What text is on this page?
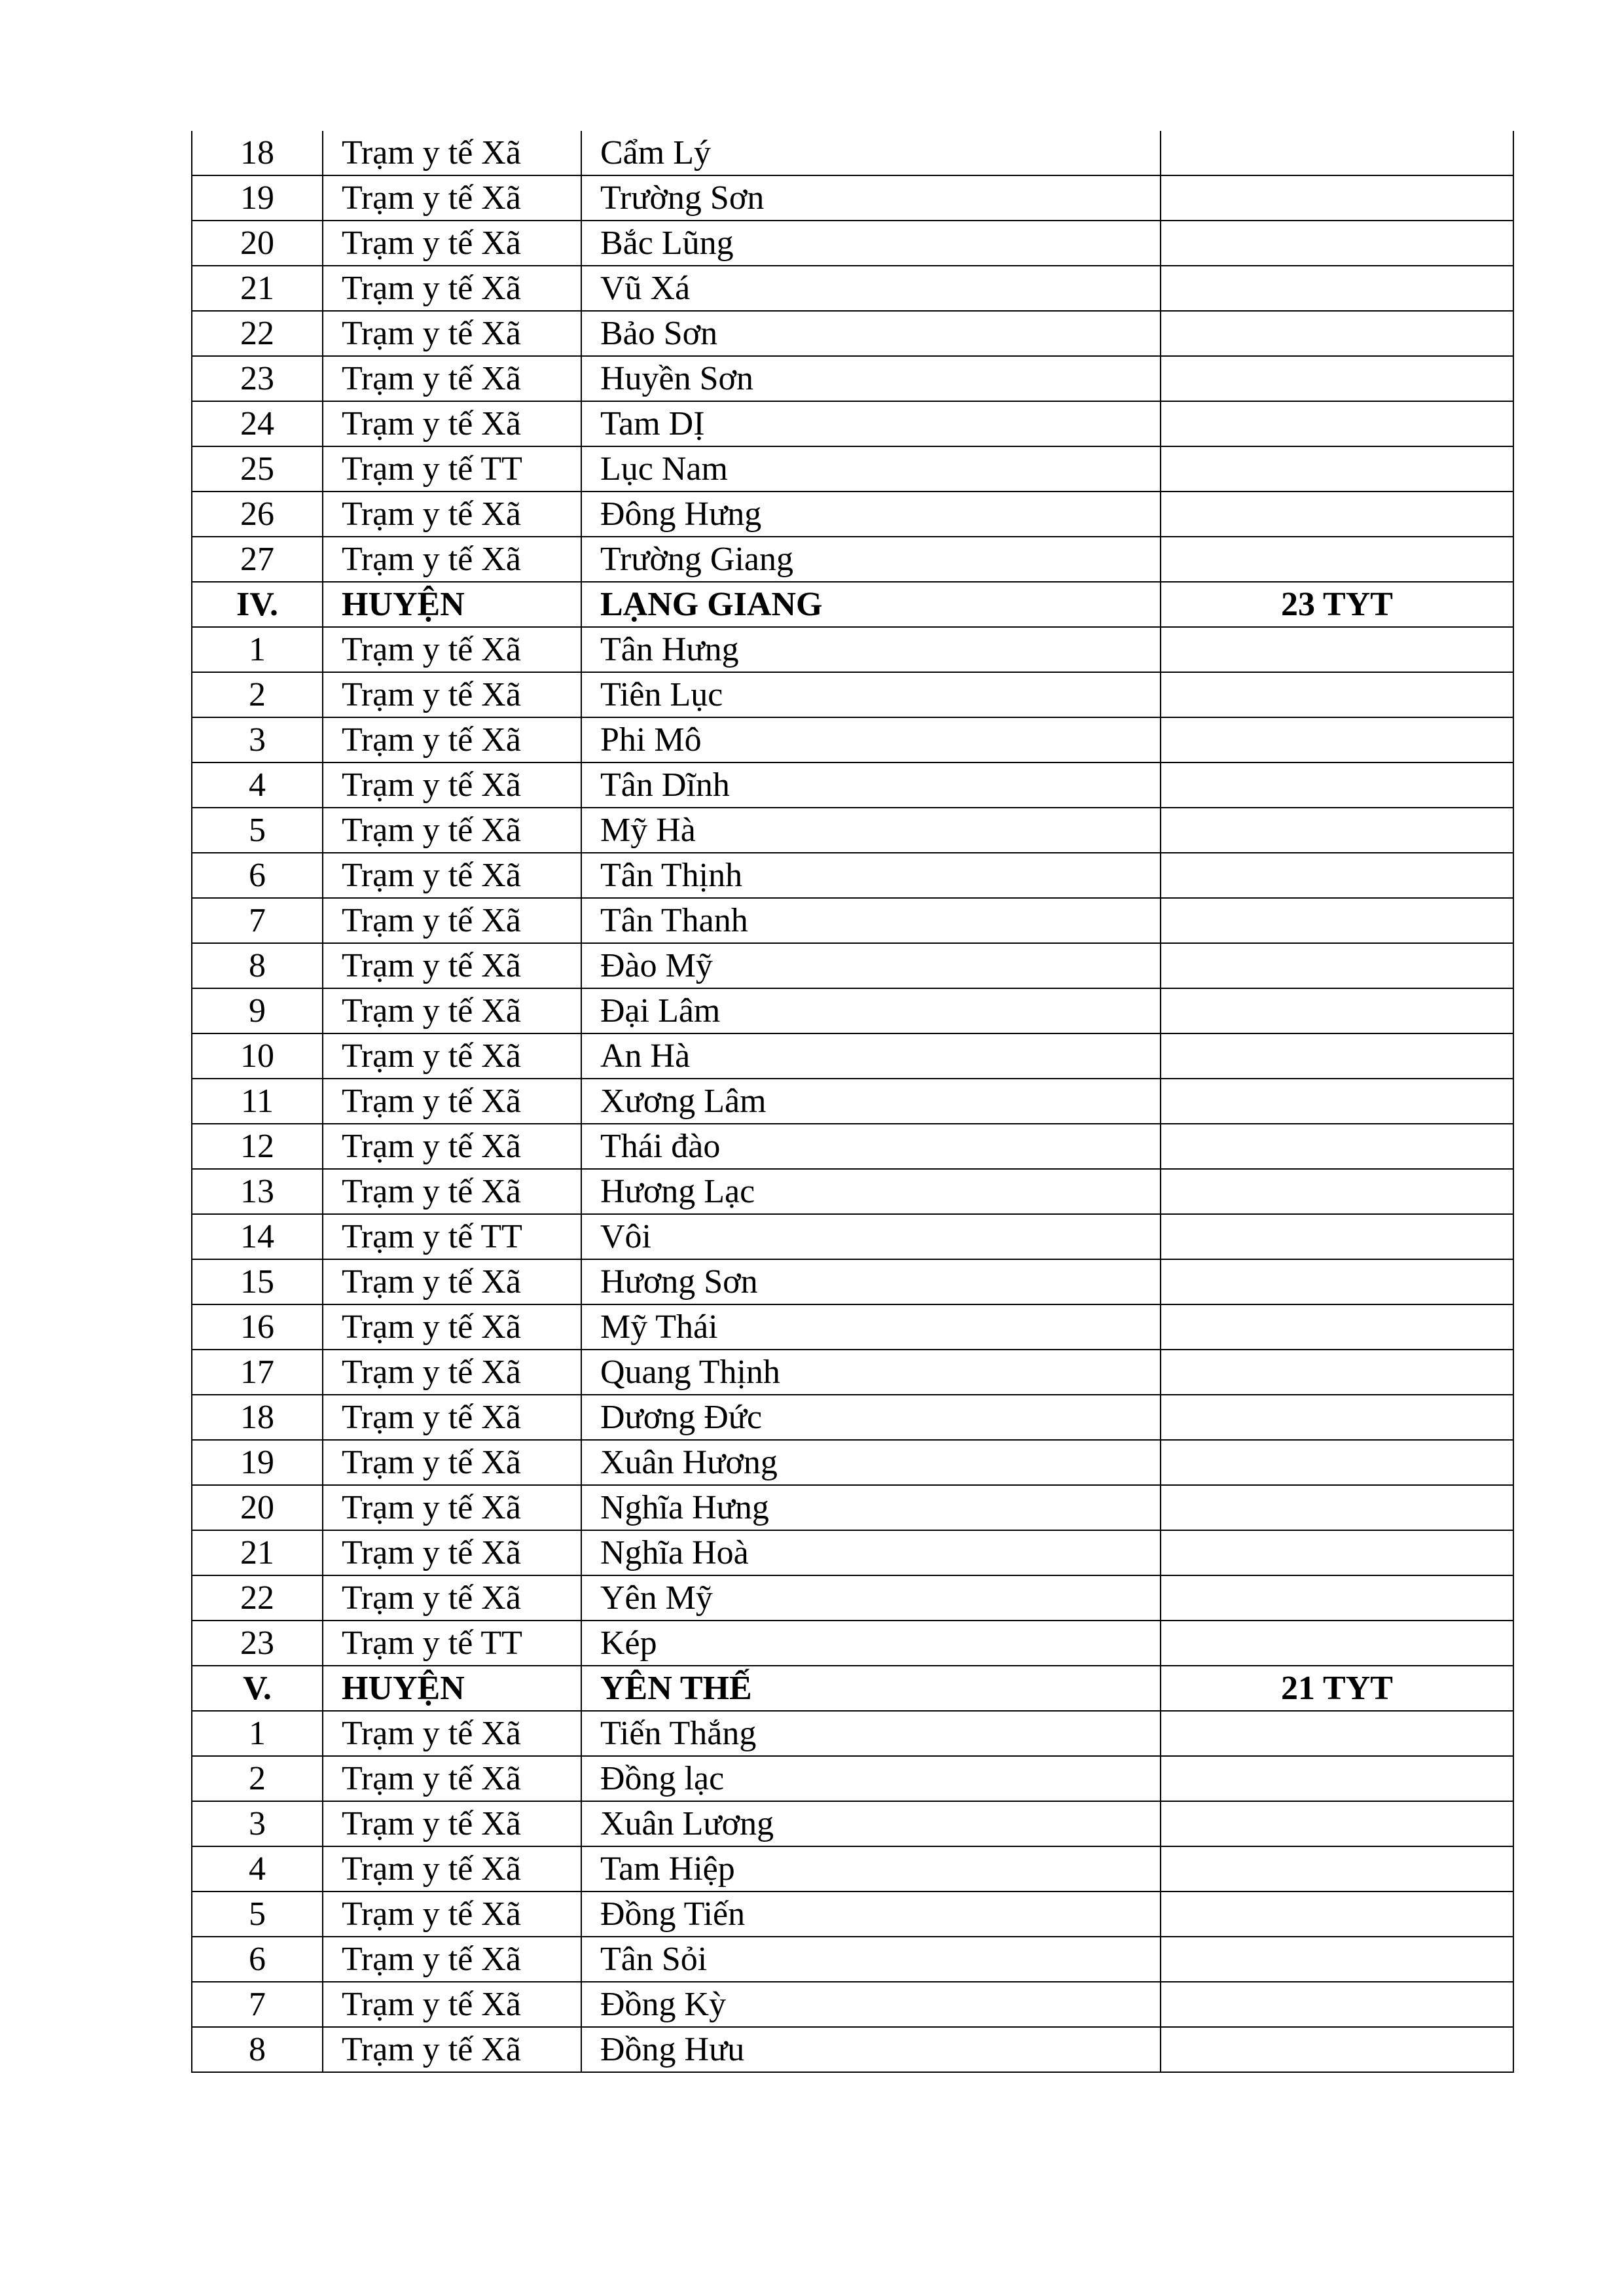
18	Trạm y tế Xã	Cẩm Lý	
19	Trạm y tế Xã	Trường Sơn	
20	Trạm y tế Xã	Bắc Lũng	
21	Trạm y tế Xã	Vũ Xá	
22	Trạm y tế Xã	Bảo Sơn	
23	Trạm y tế Xã	Huyền Sơn	
24	Trạm y tế Xã	Tam DỊ	
25	Trạm y tế TT	Lục Nam	
26	Trạm y tế Xã	Đông Hưng	
27	Trạm y tế Xã	Trường Giang	
IV.	HUYỆN	LẠNG GIANG	23 TYT
1	Trạm y tế Xã	Tân Hưng	
2	Trạm y tế Xã	Tiên Lục	
3	Trạm y tế Xã	Phi Mô	
4	Trạm y tế Xã	Tân Dĩnh	
5	Trạm y tế Xã	Mỹ Hà	
6	Trạm y tế Xã	Tân Thịnh	
7	Trạm y tế Xã	Tân Thanh	
8	Trạm y tế Xã	Đào Mỹ	
9	Trạm y tế Xã	Đại Lâm	
10	Trạm y tế Xã	An Hà	
11	Trạm y tế Xã	Xương Lâm	
12	Trạm y tế Xã	Thái đào	
13	Trạm y tế Xã	Hương Lạc	
14	Trạm y tế TT	Vôi	
15	Trạm y tế Xã	Hương Sơn	
16	Trạm y tế Xã	Mỹ Thái	
17	Trạm y tế Xã	Quang Thịnh	
18	Trạm y tế Xã	Dương Đức	
19	Trạm y tế Xã	Xuân Hương	
20	Trạm y tế Xã	Nghĩa Hưng	
21	Trạm y tế Xã	Nghĩa Hoà	
22	Trạm y tế Xã	Yên Mỹ	
23	Trạm y tế TT	Kép	
V.	HUYỆN	YÊN THẾ	21 TYT
1	Trạm y tế Xã	Tiến Thắng	
2	Trạm y tế Xã	Đồng lạc	
3	Trạm y tế Xã	Xuân Lương	
4	Trạm y tế Xã	Tam Hiệp	
5	Trạm y tế Xã	Đồng Tiến	
6	Trạm y tế Xã	Tân Sỏi	
7	Trạm y tế Xã	Đồng Kỳ	
8	Trạm y tế Xã	Đồng Hưu	
